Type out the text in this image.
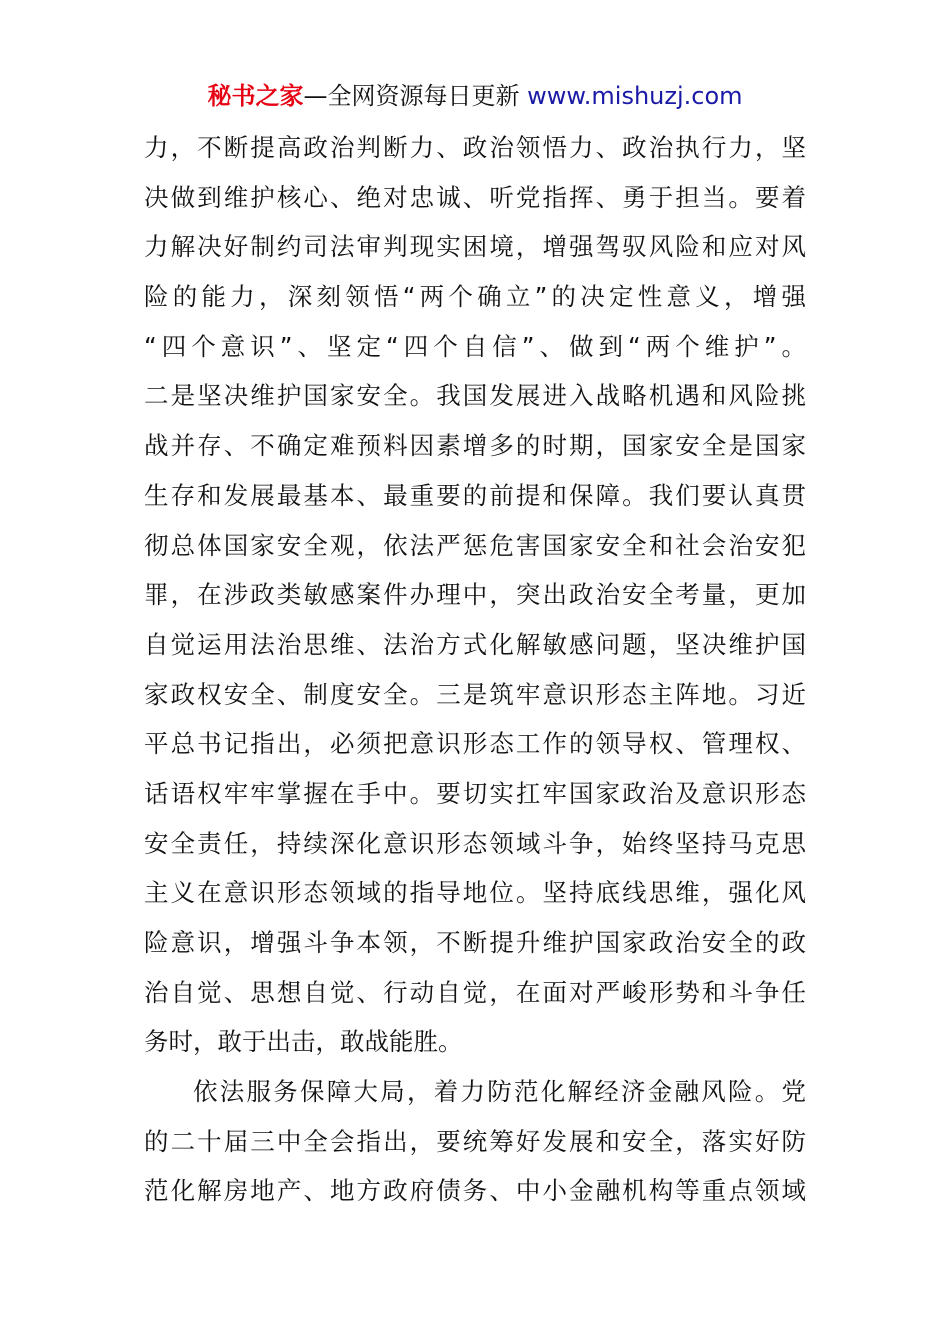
秘书之家—全网资源每日更新 www.mishuzj.com

力，不断提高政治判断力、政治领悟力、政治执行力，坚
决做到维护核心、绝对忠诚、听党指挥、勇于担当。要着
力解决好制约司法审判现实困境，增强驾驭风险和应对风
险的能力，深刻领悟“两个确立”的决定性意义，增强
“四个意识”、坚定“四个自信”、做到“两个维护”。
二是坚决维护国家安全。我国发展进入战略机遇和风险挑
战并存、不确定难预料因素增多的时期，国家安全是国家
生存和发展最基本、最重要的前提和保障。我们要认真贯
彻总体国家安全观，依法严惩危害国家安全和社会治安犯
罪，在涉政类敏感案件办理中，突出政治安全考量，更加
自觉运用法治思维、法治方式化解敏感问题，坚决维护国
家政权安全、制度安全。三是筑牢意识形态主阵地。习近
平总书记指出，必须把意识形态工作的领导权、管理权、
话语权牢牢掌握在手中。要切实扛牢国家政治及意识形态
安全责任，持续深化意识形态领域斗争，始终坚持马克思
主义在意识形态领域的指导地位。坚持底线思维，强化风
险意识，增强斗争本领，不断提升维护国家政治安全的政
治自觉、思想自觉、行动自觉，在面对严峻形势和斗争任
务时，敢于出击，敢战能胜。

依法服务保障大局，着力防范化解经济金融风险。党
的二十届三中全会指出，要统筹好发展和安全，落实好防
范化解房地产、地方政府债务、中小金融机构等重点领域
